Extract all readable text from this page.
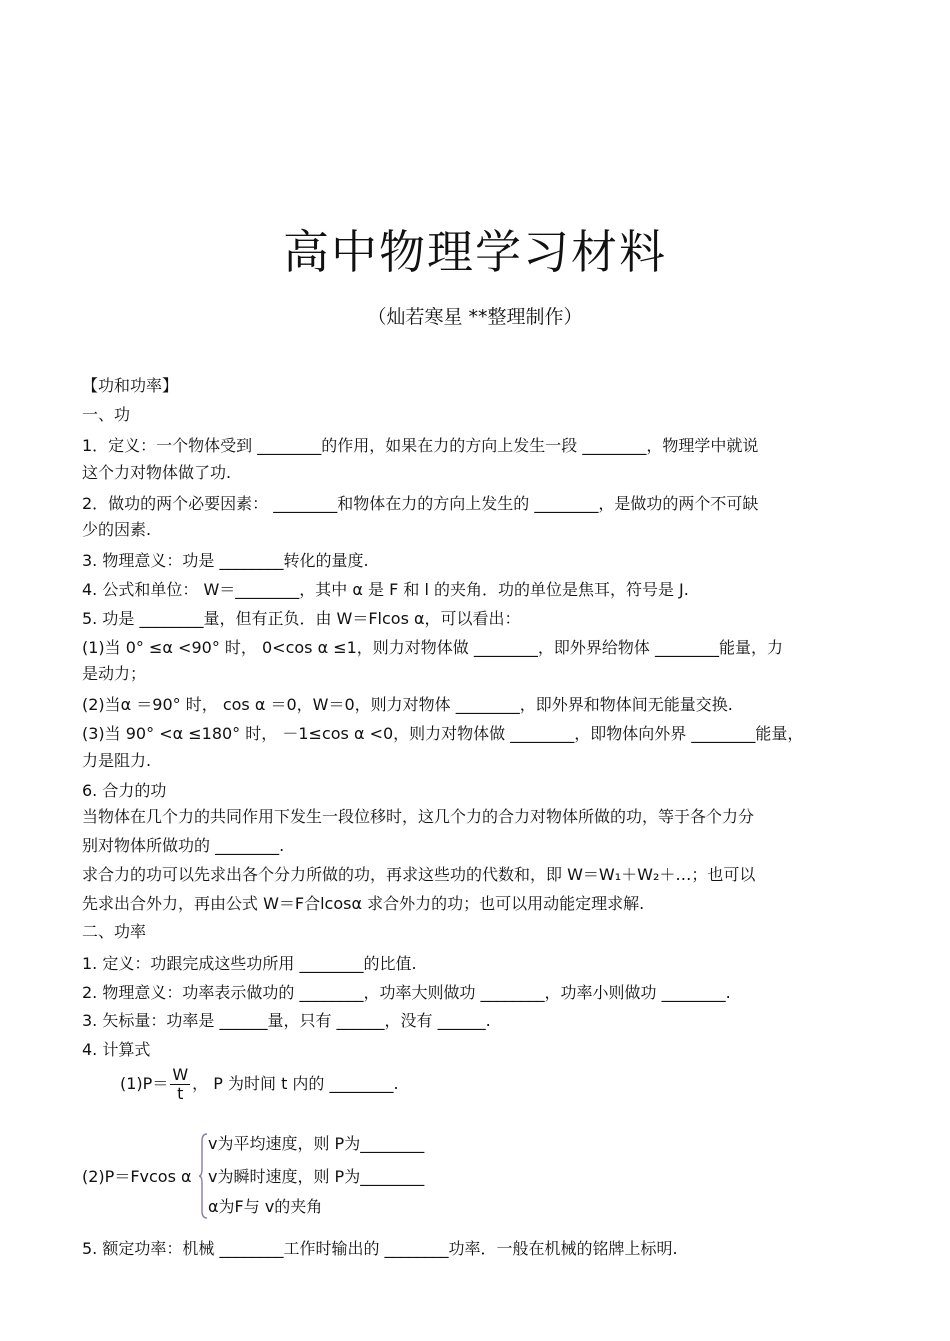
高中物理学习材料
（灿若寒星 **整理制作）
【功和功率】
一、功
1．定义：一个物体受到 ________的作用，如果在力的方向上发生一段 ________，物理学中就说
这个力对物体做了功.
2．做功的两个必要因素： ________和物体在力的方向上发生的 ________，是做功的两个不可缺
少的因素.
3. 物理意义：功是 ________转化的量度.
4. 公式和单位： W＝________，其中 α 是 F 和 l 的夹角．功的单位是焦耳，符号是 J.
5. 功是 ________量，但有正负．由 W＝Flcos α，可以看出：
(1)当 0° ≤α <90° 时， 0<cos α ≤1，则力对物体做 ________，即外界给物体 ________能量，力
是动力；
(2)当α ＝90° 时， cos α ＝0，W＝0，则力对物体 ________，即外界和物体间无能量交换.
(3)当 90° <α ≤180° 时， －1≤cos α <0，则力对物体做 ________，即物体向外界 ________能量，
力是阻力.
6. 合力的功
当物体在几个力的共同作用下发生一段位移时，这几个力的合力对物体所做的功，等于各个力分
别对物体所做功的 ________.
求合力的功可以先求出各个分力所做的功，再求这些功的代数和，即 W＝W₁＋W₂＋…；也可以
先求出合外力，再由公式 W＝F合lcosα 求合外力的功；也可以用动能定理求解.
二、功率
1. 定义：功跟完成这些功所用 ________的比值.
2. 物理意义：功率表示做功的 ________，功率大则做功 ________，功率小则做功 ________.
3. 矢标量：功率是 ______量，只有 ______，没有 ______.
4. 计算式
$(1)P= \frac{W}{t}$ ， P 为时间 t 内的 ________.
(2)P＝Fvcos α
v为平均速度，则 P为________
v为瞬时速度，则 P为________
α为F与 v的夹角
5. 额定功率：机械 ________工作时输出的 ________功率．一般在机械的铭牌上标明.
